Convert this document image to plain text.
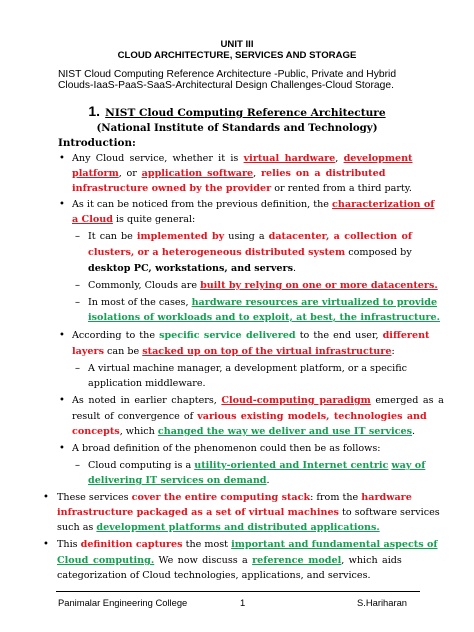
UNIT III
CLOUD ARCHITECTURE, SERVICES AND STORAGE
NIST Cloud Computing Reference Architecture -Public, Private and Hybrid
Clouds-IaaS-PaaS-SaaS-Architectural Design Challenges-Cloud Storage.
1. NIST Cloud Computing Reference Architecture
(National Institute of Standards and Technology)
Introduction:
• Any Cloud service, whether it is virtual hardware, development
platform, or application software, relies on a distributed
infrastructure owned by the provider or rented from a third party.
• As it can be noticed from the previous definition, the characterization of
a Cloud is quite general:
– It can be implemented by using a datacenter, a collection of
clusters, or a heterogeneous distributed system composed by
desktop PC, workstations, and servers.
– Commonly, Clouds are built by relying on one or more datacenters.
– In most of the cases, hardware resources are virtualized to provide
isolations of workloads and to exploit, at best, the infrastructure.
• According to the specific service delivered to the end user, different
layers can be stacked up on top of the virtual infrastructure:
– A virtual machine manager, a development platform, or a specific
application middleware.
• As noted in earlier chapters, Cloud-computing paradigm emerged as a
result of convergence of various existing models, technologies and
concepts, which changed the way we deliver and use IT services.
• A broad definition of the phenomenon could then be as follows:
– Cloud computing is a utility-oriented and Internet centric way of
delivering IT services on demand.
• These services cover the entire computing stack: from the hardware
infrastructure packaged as a set of virtual machines to software services
such as development platforms and distributed applications.
• This definition captures the most important and fundamental aspects of
Cloud computing. We now discuss a reference model, which aids
categorization of Cloud technologies, applications, and services.
Panimalar Engineering College	1	S.Hariharan
